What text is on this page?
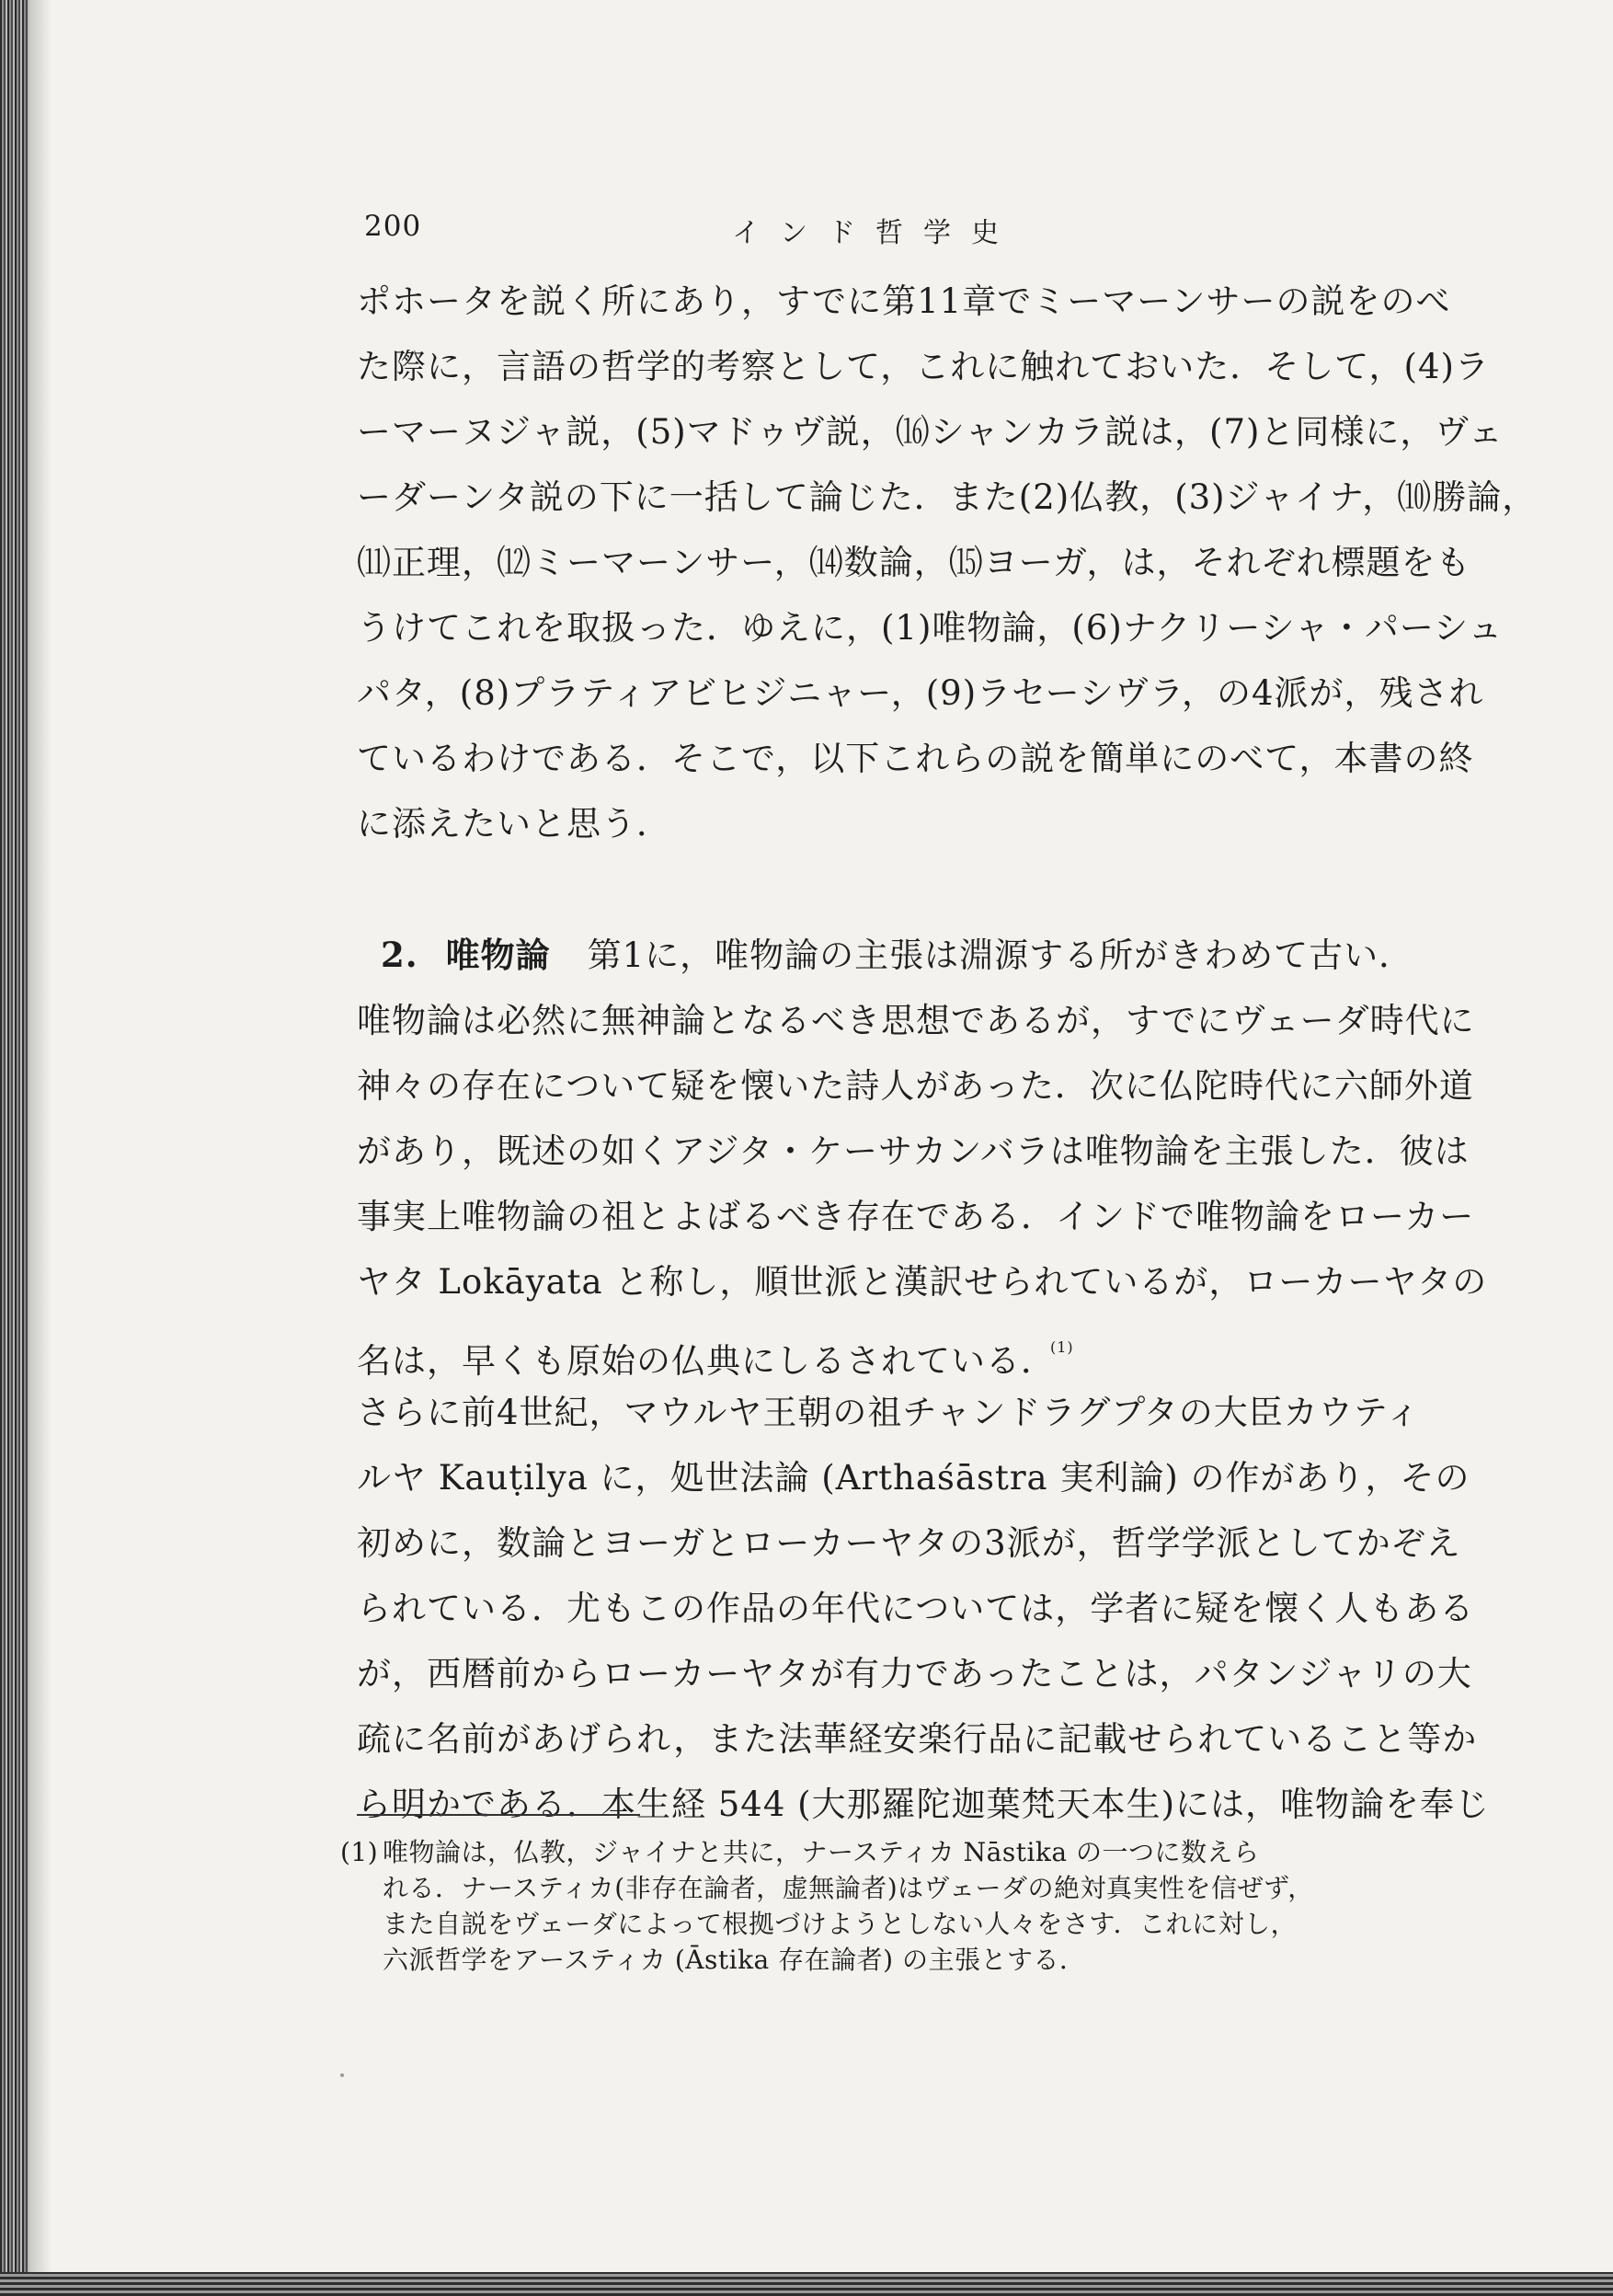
200	インド哲学史
ポホータを説く所にあり，すでに第11章でミーマーンサーの説をのべ
た際に，言語の哲学的考察として，これに触れておいた．そして，(4)ラ
ーマーヌジャ説，(5)マドゥヴ説，⒃シャンカラ説は，(7)と同様に，ヴェ
ーダーンタ説の下に一括して論じた．また(2)仏教，(3)ジャイナ，⑽勝論，
⑾正理，⑿ミーマーンサー，⒁数論，⒂ヨーガ，は，それぞれ標題をも
うけてこれを取扱った．ゆえに，(1)唯物論，(6)ナクリーシャ・パーシュ
パタ，(8)プラティアビヒジニャー，(9)ラセーシヴラ，の4派が，残され
ているわけである．そこで，以下これらの説を簡単にのべて，本書の終
に添えたいと思う．
2. 唯物論 第1に，唯物論の主張は淵源する所がきわめて古い．
唯物論は必然に無神論となるべき思想であるが，すでにヴェーダ時代に
神々の存在について疑を懐いた詩人があった．次に仏陀時代に六師外道
があり，既述の如くアジタ・ケーサカンバラは唯物論を主張した．彼は
事実上唯物論の祖とよばるべき存在である．インドで唯物論をローカー
ヤタ Lokāyata と称し，順世派と漢訳せられているが，ローカーヤタの
名は，早くも原始の仏典にしるされている．$^{(1)}$
さらに前4世紀，マウルヤ王朝の祖チャンドラグプタの大臣カウティ
ルヤ Kauṭilya に，処世法論 (Arthaśāstra 実利論) の作があり，その
初めに，数論とヨーガとローカーヤタの3派が，哲学学派としてかぞえ
られている．尤もこの作品の年代については，学者に疑を懐く人もある
が，西暦前からローカーヤタが有力であったことは，パタンジャリの大
疏に名前があげられ，また法華経安楽行品に記載せられていること等か
ら明かである．本生経 544 (大那羅陀迦葉梵天本生)には，唯物論を奉じ
(1) 唯物論は，仏教，ジャイナと共に，ナースティカ Nāstika の一つに数えら
れる．ナースティカ(非存在論者，虚無論者)はヴェーダの絶対真実性を信ぜず，
また自説をヴェーダによって根拠づけようとしない人々をさす．これに対し，
六派哲学をアースティカ (Āstika 存在論者) の主張とする．
